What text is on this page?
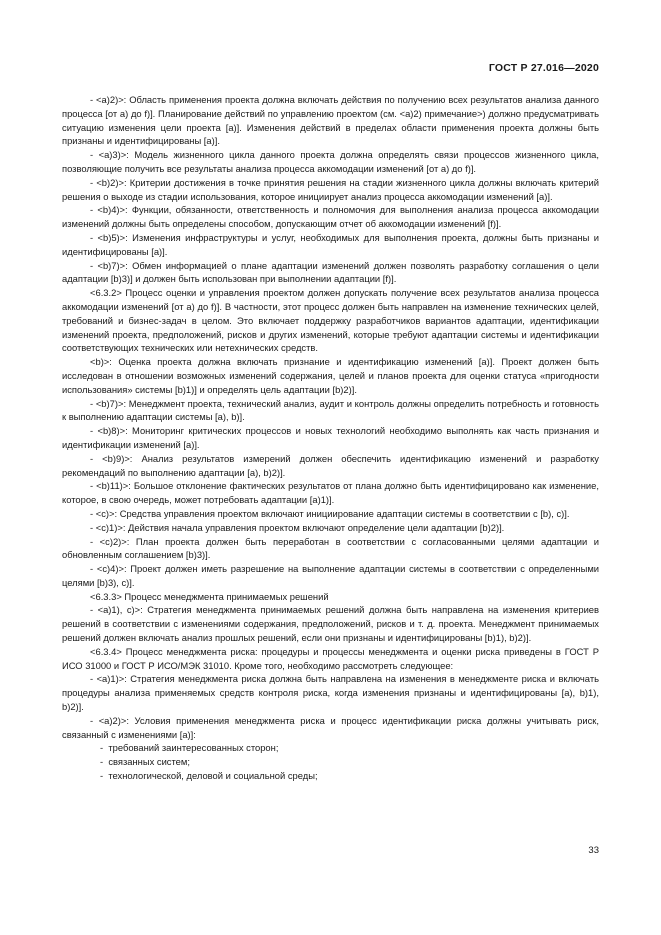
ГОСТ Р 27.016—2020

- <a)2)>: Область применения проекта должна включать действия по получению всех результатов анализа данного процесса [от а) до f)]. Планирование действий по управлению проектом (см. <a)2) примечание>) должно предусматривать ситуацию изменения цели проекта [a)]. Изменения действий в пределах области применения проекта должны быть признаны и идентифицированы [a)].

- <a)3)>: Модель жизненного цикла данного проекта должна определять связи процессов жизненного цикла, позволяющие получить все результаты анализа процесса аккомодации изменений [от а) до f)].

- <b)2)>: Критерии достижения в точке принятия решения на стадии жизненного цикла должны включать критерий решения о выходе из стадии использования, которое инициирует анализ процесса аккомодации изменений [a)].

- <b)4)>: Функции, обязанности, ответственность и полномочия для выполнения анализа процесса аккомодации изменений должны быть определены способом, допускающим отчет об аккомодации изменений [f)].

- <b)5)>: Изменения инфраструктуры и услуг, необходимых для выполнения проекта, должны быть признаны и идентифицированы [a)].

- <b)7)>: Обмен информацией о плане адаптации изменений должен позволять разработку соглашения о цели адаптации [b)3)] и должен быть использован при выполнении адаптации [f)].

<6.3.2> Процесс оценки и управления проектом должен допускать получение всех результатов анализа процесса аккомодации изменений [от а) до f)]. В частности, этот процесс должен быть направлен на изменение технических целей, требований и бизнес-задач в целом. Это включает поддержку разработчиков вариантов адаптации, идентификации изменений проекта, предположений, рисков и других изменений, которые требуют адаптации системы и идентификации соответствующих технических или нетехнических средств.

<b)>: Оценка проекта должна включать признание и идентификацию изменений [a)]. Проект должен быть исследован в отношении возможных изменений содержания, целей и планов проекта для оценки статуса «пригодности использования» системы [b)1)] и определять цель адаптации [b)2)].

- <b)7)>: Менеджмент проекта, технический анализ, аудит и контроль должны определить потребность и готовность к выполнению адаптации системы [a), b)].

- <b)8)>: Мониторинг критических процессов и новых технологий необходимо выполнять как часть признания и идентификации изменений [a)].

- <b)9)>: Анализ результатов измерений должен обеспечить идентификацию изменений и разработку рекомендаций по выполнению адаптации [a), b)2)].

- <b)11)>: Большое отклонение фактических результатов от плана должно быть идентифицировано как изменение, которое, в свою очередь, может потребовать адаптации [a)1)].

- <c)>: Средства управления проектом включают инициирование адаптации системы в соответствии с [b), c)].

- <c)1)>: Действия начала управления проектом включают определение цели адаптации [b)2)].

- <c)2)>: План проекта должен быть переработан в соответствии с согласованными целями адаптации и обновленным соглашением [b)3)].

- <c)4)>: Проект должен иметь разрешение на выполнение адаптации системы в соответствии с определенными целями [b)3), c)].

<6.3.3> Процесс менеджмента принимаемых решений

- <a)1), c)>: Стратегия менеджмента принимаемых решений должна быть направлена на изменения критериев решений в соответствии с изменениями содержания, предположений, рисков и т. д. проекта. Менеджмент принимаемых решений должен включать анализ прошлых решений, если они признаны и идентифицированы [b)1), b)2)].

<6.3.4> Процесс менеджмента риска: процедуры и процессы менеджмента и оценки риска приведены в ГОСТ Р ИСО 31000 и ГОСТ Р ИСО/МЭК 31010. Кроме того, необходимо рассмотреть следующее:

- <a)1)>: Стратегия менеджмента риска должна быть направлена на изменения в менеджменте риска и включать процедуры анализа применяемых средств контроля риска, когда изменения признаны и идентифицированы [a), b)1), b)2)].

- <a)2)>: Условия применения менеджмента риска и процесс идентификации риска должны учитывать риск, связанный с изменениями [a)]:

-  требований заинтересованных сторон;

-  связанных систем;

-  технологической, деловой и социальной среды;

33
